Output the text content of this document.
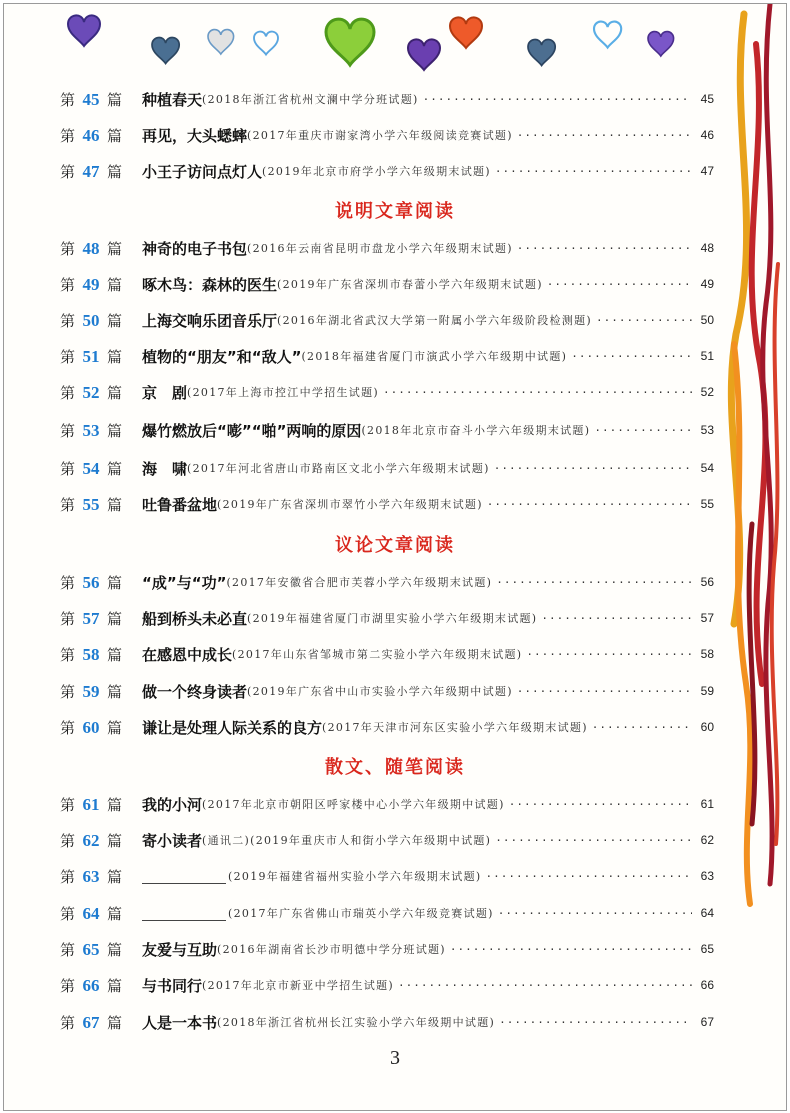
第 45 篇 种植春天 (2018年浙江省杭州文澜中学分班试题) ·····	45
第 46 篇 再见，大头蟋蟀 (2017年重庆市谢家湾小学六年级阅读竞赛试题) ·····	46
第 47 篇 小王子访问点灯人 (2019年北京市府学小学六年级期末试题) ·····	47
说明文章阅读
第 48 篇 神奇的电子书包 (2016年云南省昆明市盘龙小学六年级期末试题) ·····	48
第 49 篇 啄木鸟：森林的医生 (2019年广东省深圳市春蕾小学六年级期末试题) ·····	49
第 50 篇 上海交响乐团音乐厅 (2016年湖北省武汉大学第一附属小学六年级阶段检测题) ·····	50
第 51 篇 植物的“朋友”和“敌人” (2018年福建省厦门市演武小学六年级期中试题) ·····	51
第 52 篇 京　剧 (2017年上海市控江中学招生试题) ·····	52
第 53 篇 爆竹燃放后“嘭”“啪”两响的原因 (2018年北京市奋斗小学六年级期末试题) ·····	53
第 54 篇 海　啸 (2017年河北省唐山市路南区文北小学六年级期末试题) ·····	54
第 55 篇 吐鲁番盆地 (2019年广东省深圳市翠竹小学六年级期末试题) ·····	55
议论文章阅读
第 56 篇 “成”与“功” (2017年安徽省合肥市芙蓉小学六年级期末试题) ·····	56
第 57 篇 船到桥头未必直 (2019年福建省厦门市湖里实验小学六年级期末试题) ·····	57
第 58 篇 在感恩中成长 (2017年山东省邹城市第二实验小学六年级期末试题) ·····	58
第 59 篇 做一个终身读者 (2019年广东省中山市实验小学六年级期中试题) ·····	59
第 60 篇 谦让是处理人际关系的良方 (2017年天津市河东区实验小学六年级期末试题) ·····	60
散文、随笔阅读
第 61 篇 我的小河 (2017年北京市朝阳区呼家楼中心小学六年级期中试题) ·····	61
第 62 篇 寄小读者 (通讯二)(2019年重庆市人和街小学六年级期中试题) ·····	62
第 63 篇	(2019年福建省福州实验小学六年级期末试题) ·····	63
第 64 篇	(2017年广东省佛山市瑞英小学六年级竞赛试题) ·····	64
第 65 篇 友爱与互助 (2016年湖南省长沙市明德中学分班试题) ·····	65
第 66 篇 与书同行 (2017年北京市新亚中学招生试题) ·····	66
第 67 篇 人是一本书 (2018年浙江省杭州长江实验小学六年级期中试题) ·····	67
3
